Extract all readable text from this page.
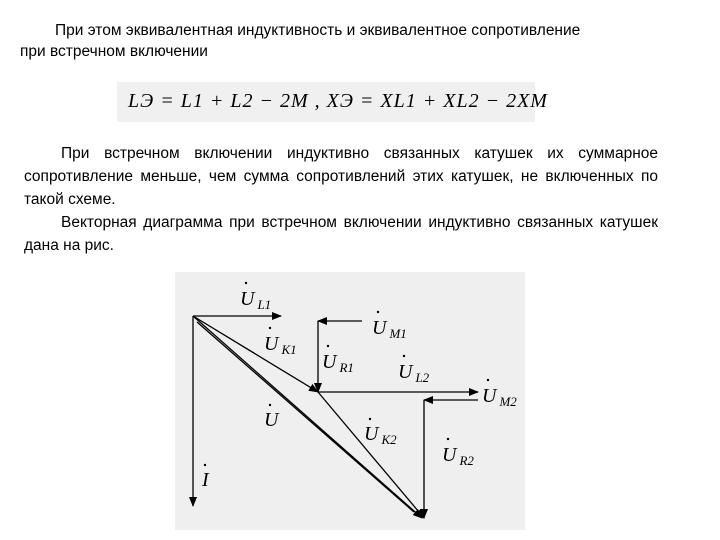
При этом эквивалентная индуктивность и эквивалентное сопротивление
при встречном включении
LЭ = L1 + L2 − 2M , XЭ = XL1 + XL2 − 2XM

При встречном включении индуктивно связанных катушек их суммарное сопротивление меньше, чем сумма сопротивлений этих катушек, не включенных по такой схеме.

Векторная диаграмма при встречном включении индуктивно связанных катушек дана на рис.

U $_{L1}$
U $_{M1}$
U $_{K1}$
U $_{R1}$ U $_{L2}$
U $_{M2}$
U
U $_{K2}$
U $_{R2}$
I
